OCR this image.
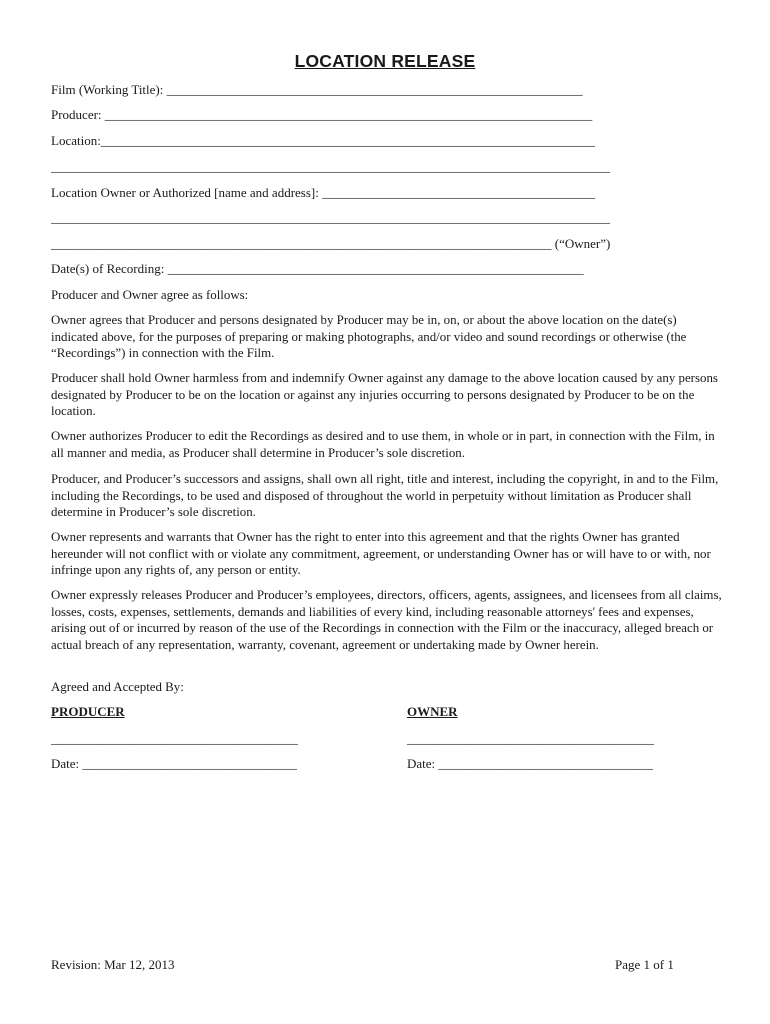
LOCATION RELEASE
Film (Working Title): ________________________________________________________________
Producer: ___________________________________________________________________________
Location:____________________________________________________________________________
______________________________________________________________________________________
Location Owner or Authorized [name and address]: __________________________________________
______________________________________________________________________________________
_____________________________________________________________________________ (“Owner”)
Date(s) of Recording: ________________________________________________________________
Producer and Owner agree as follows:
Owner agrees that Producer and persons designated by Producer may be in, on, or about the above location on the date(s) indicated above, for the purposes of preparing or making photographs, and/or video and sound recordings or otherwise (the “Recordings”) in connection with the Film.
Producer shall hold Owner harmless from and indemnify Owner against any damage to the above location caused by any persons designated by Producer to be on the location or against any injuries occurring to persons designated by Producer to be on the location.
Owner authorizes Producer to edit the Recordings as desired and to use them, in whole or in part, in connection with the Film, in all manner and media, as Producer shall determine in Producer’s sole discretion.
Producer, and Producer’s successors and assigns, shall own all right, title and interest, including the copyright, in and to the Film, including the Recordings, to be used and disposed of throughout the world in perpetuity without limitation as Producer shall determine in Producer’s sole discretion.
Owner represents and warrants that Owner has the right to enter into this agreement and that the rights Owner has granted hereunder will not conflict with or violate any commitment, agreement, or understanding Owner has or will have to or with, nor infringe upon any rights of, any person or entity.
Owner expressly releases Producer and Producer’s employees, directors, officers, agents, assignees, and licensees from all claims, losses, costs, expenses, settlements, demands and liabilities of every kind, including reasonable attorneys' fees and expenses, arising out of or incurred by reason of the use of the Recordings in connection with the Film or the inaccuracy, alleged breach or actual breach of any representation, warranty, covenant, agreement or undertaking made by Owner herein.
Agreed and Accepted By:
PRODUCER	OWNER
______________________________________	______________________________________
Date: _________________________________	Date: _________________________________
Revision: Mar 12, 2013	Page 1 of 1
